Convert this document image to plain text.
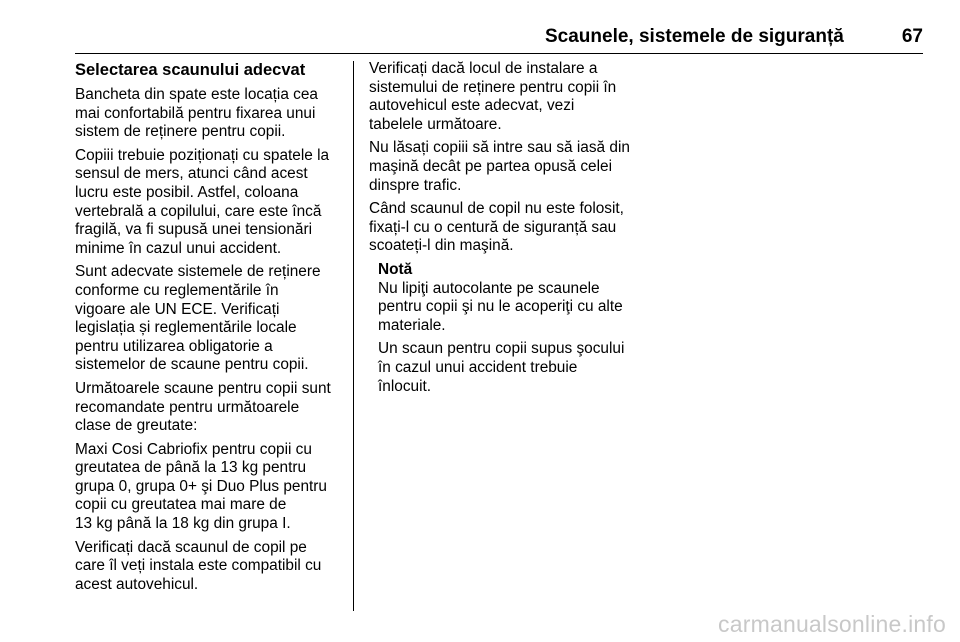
Scaunele, sistemele de siguranță	67
Selectarea scaunului adecvat

Bancheta din spate este locația cea
mai confortabilă pentru fixarea unui
sistem de reținere pentru copii.

Copiii trebuie poziționați cu spatele la
sensul de mers, atunci când acest
lucru este posibil. Astfel, coloana
vertebrală a copilului, care este încă
fragilă, va fi supusă unei tensionări
minime în cazul unui accident.

Sunt adecvate sistemele de reținere
conforme cu reglementările în
vigoare ale UN ECE. Verificați
legislația și reglementările locale
pentru utilizarea obligatorie a
sistemelor de scaune pentru copii.

Următoarele scaune pentru copii sunt
recomandate pentru următoarele
clase de greutate:

Maxi Cosi Cabriofix pentru copii cu
greutatea de până la 13 kg pentru
grupa 0, grupa 0+ şi Duo Plus pentru
copii cu greutatea mai mare de
13 kg până la 18 kg din grupa I.

Verificați dacă scaunul de copil pe
care îl veți instala este compatibil cu
acest autovehicul.

Verificați dacă locul de instalare a
sistemului de reținere pentru copii în
autovehicul este adecvat, vezi
tabelele următoare.

Nu lăsați copiii să intre sau să iasă din
maşină decât pe partea opusă celei
dinspre trafic.

Când scaunul de copil nu este folosit,
fixați-l cu o centură de siguranță sau
scoateți-l din maşină.

Notă

Nu lipiţi autocolante pe scaunele
pentru copii şi nu le acoperiţi cu alte
materiale.

Un scaun pentru copii supus şocului
în cazul unui accident trebuie
înlocuit.

carmanualsonline.info
